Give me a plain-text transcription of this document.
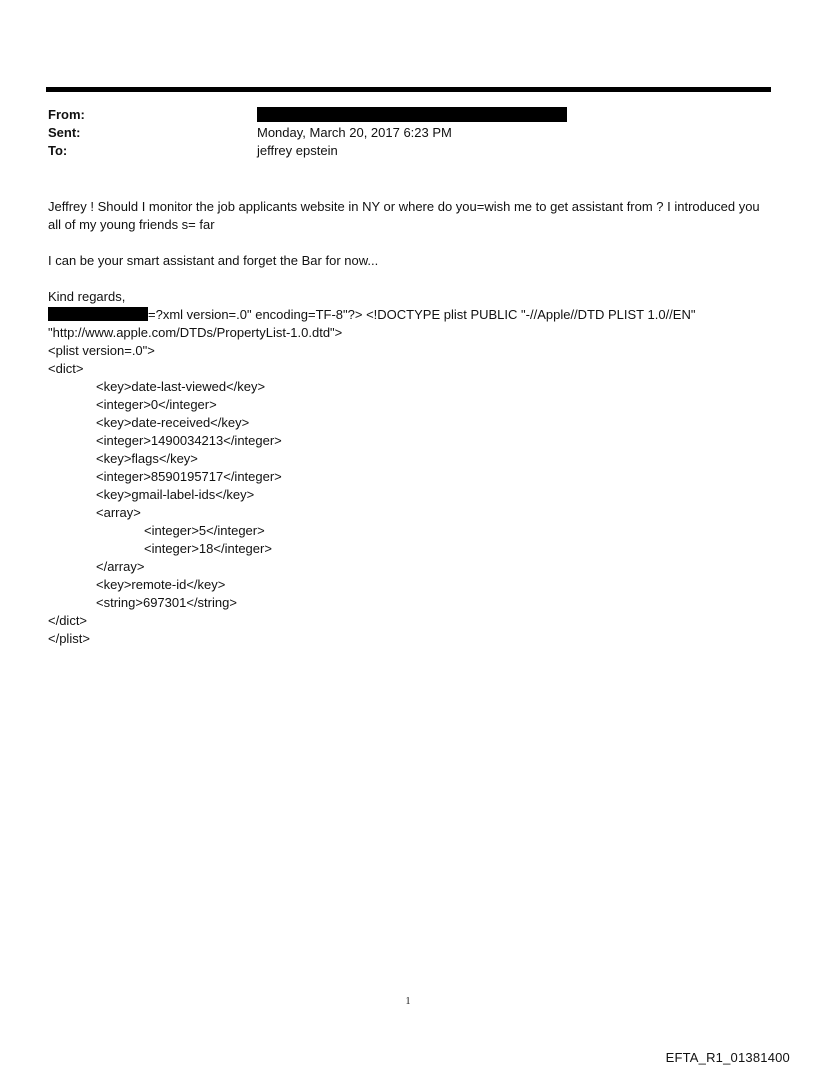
From:
Sent:	Monday, March 20, 2017 6:23 PM
To:	jeffrey epstein

Jeffrey ! Should I monitor the job applicants website in NY or where do you=wish me to get assistant from ? I introduced you all of my young friends s= far

I can be your smart assistant and forget the Bar for now...

Kind regards,

=?xml version=.0" encoding=TF-8"?> <!DOCTYPE plist PUBLIC "-//Apple//DTD PLIST 1.0//EN"
"http://www.apple.com/DTDs/PropertyList-1.0.dtd">
<plist version=.0">
<dict>
<key>date-last-viewed</key>
<integer>0</integer>
<key>date-received</key>
<integer>1490034213</integer>
<key>flags</key>
<integer>8590195717</integer>
<key>gmail-label-ids</key>
<array>
<integer>5</integer>
<integer>18</integer>
</array>
<key>remote-id</key>
<string>697301</string>
</dict>
</plist>
1
EFTA_R1_01381400
